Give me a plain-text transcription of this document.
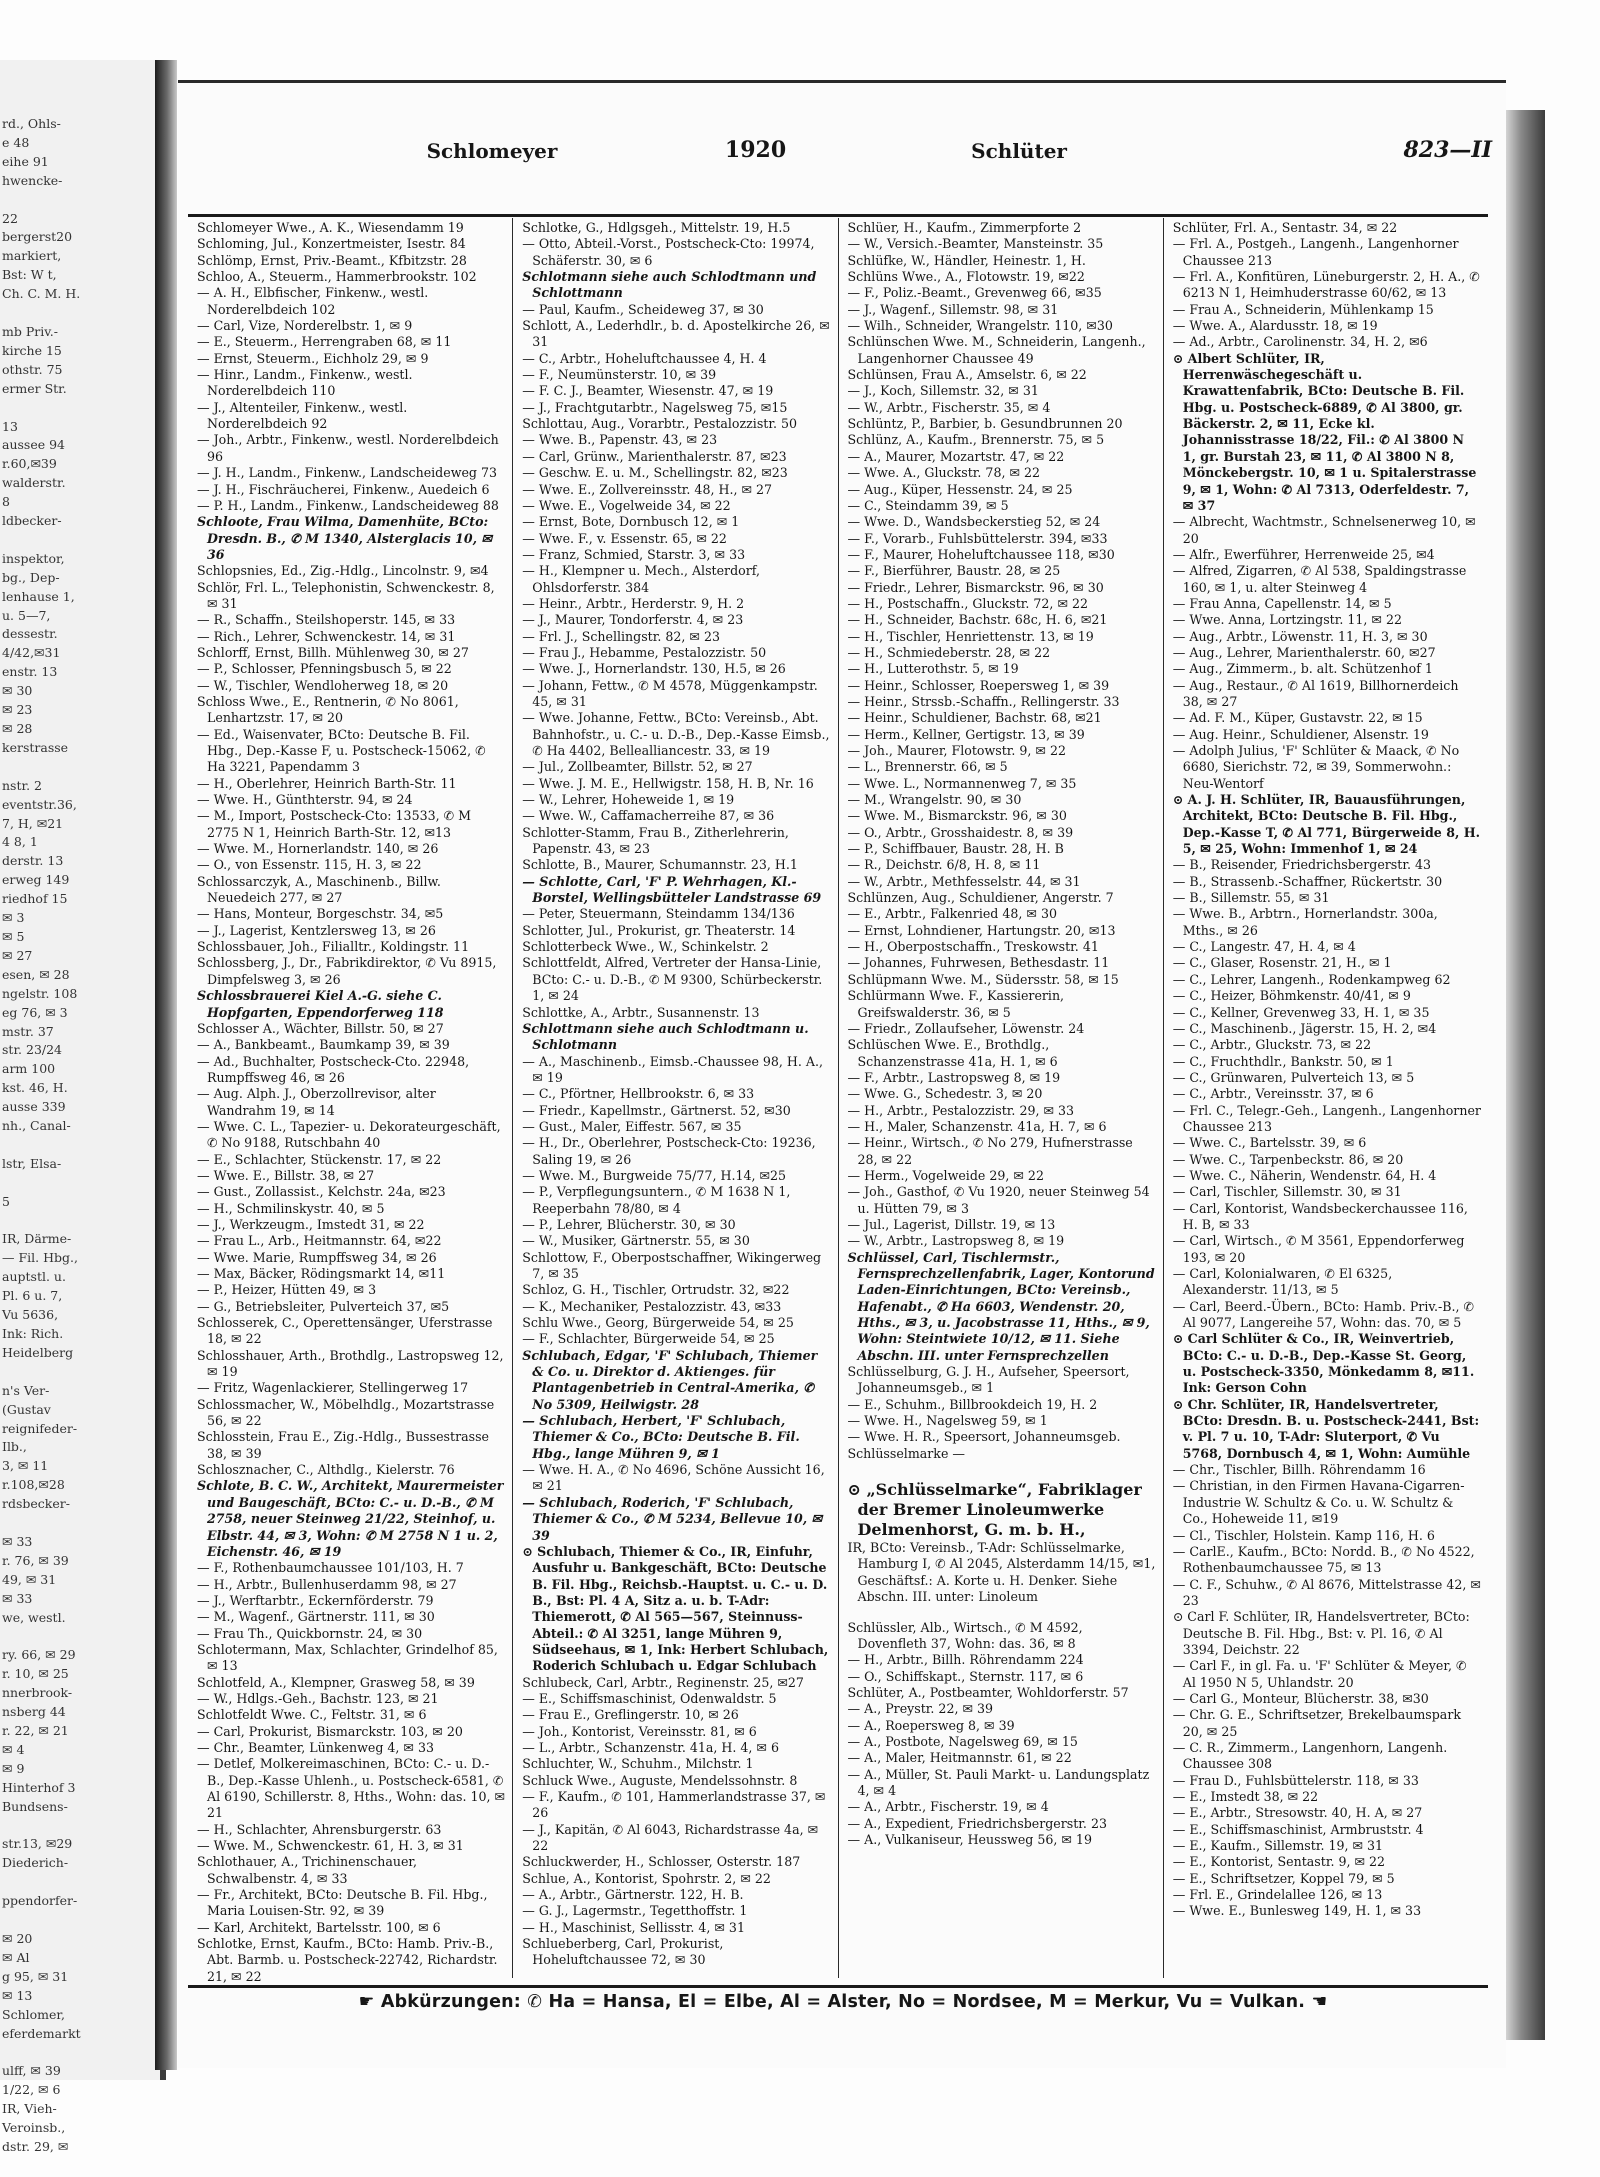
rd., Ohls-
e 48
eihe 91
hwencke-

22
bergerst20
markiert,
Bst: W t,
Ch. C. M. H.

mb Priv.-
kirche 15
othstr. 75
ermer Str.

13
aussee 94
r.60,✉39
walderstr.
8
ldbecker-

inspektor,
bg., Dep-
lenhause 1,
u. 5—7,
dessestr.
4/42,✉31
enstr. 13
✉ 30
✉ 23
✉ 28
kerstrasse

nstr. 2
eventstr.36,
7, H, ✉21
4 8, 1
derstr. 13
erweg 149
riedhof 15
✉ 3
✉ 5
✉ 27
esen, ✉ 28
ngelstr. 108
eg 76, ✉ 3
mstr. 37
str. 23/24
arm 100
kst. 46, H.
ausse 339
nh., Canal-

lstr, Elsa-

5

IR, Därme-
— Fil. Hbg.,
auptstl. u.
Pl. 6 u. 7,
Vu 5636,
Ink: Rich.
Heidelberg

n's Ver-
(Gustav
reignifeder-
Ilb.,
3, ✉ 11
r.108,✉28
rdsbecker-

✉ 33
r. 76, ✉ 39
49, ✉ 31
✉ 33
we, westl.

ry. 66, ✉ 29
r. 10, ✉ 25
nnerbrook-
nsberg 44
r. 22, ✉ 21
✉ 4
✉ 9
Hinterhof 3
Bundsens-

str.13, ✉29
Diederich-

ppendorfer-

✉ 20
✉ Al
g 95, ✉ 31
✉ 13
Schlomer,
eferdemarkt

ulff, ✉ 39
1/22, ✉ 6
IR, Vieh-
Veroinsb.,
dstr. 29, ✉
Schlomeyer	1920	Schlüter	823—II

Schlomeyer Wwe., A. K., Wiesendamm 19

Schloming, Jul., Konzertmeister, Isestr. 84

Schlömp, Ernst, Priv.-Beamt., Kfbitzstr. 28

Schloo, A., Steuerm., Hammerbrookstr. 102

— A. H., Elbfischer, Finkenw., westl. Norderelbdeich 102

— Carl, Vize, Norderelbstr. 1, ✉ 9

— E., Steuerm., Herrengraben 68, ✉ 11

— Ernst, Steuerm., Eichholz 29, ✉ 9

— Hinr., Landm., Finkenw., westl. Norderelbdeich 110

— J., Altenteiler, Finkenw., westl. Norderelbdeich 92

— Joh., Arbtr., Finkenw., westl. Norderelbdeich 96

— J. H., Landm., Finkenw., Landscheideweg 73

— J. H., Fischräucherei, Finkenw., Auedeich 6

— P. H., Landm., Finkenw., Landscheideweg 88

Schloote, Frau Wilma, Damenhüte, BCto: Dresdn. B., ✆ M 1340, Alsterglacis 10, ✉ 36

Schlopsnies, Ed., Zig.-Hdlg., Lincolnstr. 9, ✉4

Schlör, Frl. L., Telephonistin, Schwenckestr. 8, ✉ 31

— R., Schaffn., Steilshoperstr. 145, ✉ 33

— Rich., Lehrer, Schwenckestr. 14, ✉ 31

Schlorff, Ernst, Billh. Mühlenweg 30, ✉ 27

— P., Schlosser, Pfenningsbusch 5, ✉ 22

— W., Tischler, Wendloherweg 18, ✉ 20

Schloss Wwe., E., Rentnerin, ✆ No 8061, Lenhartzstr. 17, ✉ 20

— Ed., Waisenvater, BCto: Deutsche B. Fil. Hbg., Dep.-Kasse F, u. Postscheck-15062, ✆ Ha 3221, Papendamm 3

— H., Oberlehrer, Heinrich Barth-Str. 11

— Wwe. H., Günthterstr. 94, ✉ 24

— M., Import, Postscheck-Cto: 13533, ✆ M 2775 N 1, Heinrich Barth-Str. 12, ✉13

— Wwe. M., Hornerlandstr. 140, ✉ 26

— O., von Essenstr. 115, H. 3, ✉ 22

Schlossarczyk, A., Maschinenb., Billw. Neuedeich 277, ✉ 27

— Hans, Monteur, Borgeschstr. 34, ✉5

— J., Lagerist, Kentzlersweg 13, ✉ 26

Schlossbauer, Joh., Filialltr., Koldingstr. 11

Schlossberg, J., Dr., Fabrikdirektor, ✆ Vu 8915, Dimpfelsweg 3, ✉ 26

Schlossbrauerei Kiel A.-G. siehe C. Hopfgarten, Eppendorferweg 118

Schlosser A., Wächter, Billstr. 50, ✉ 27

— A., Bankbeamt., Baumkamp 39, ✉ 39

— Ad., Buchhalter, Postscheck-Cto. 22948, Rumpffsweg 46, ✉ 26

— Aug. Alph. J., Oberzollrevisor, alter Wandrahm 19, ✉ 14

— Wwe. C. L., Tapezier- u. Dekorateurgeschäft, ✆ No 9188, Rutschbahn 40

— E., Schlachter, Stückenstr. 17, ✉ 22

— Wwe. E., Billstr. 38, ✉ 27

— Gust., Zollassist., Kelchstr. 24a, ✉23

— H., Schmilinskystr. 40, ✉ 5

— J., Werkzeugm., Imstedt 31, ✉ 22

— Frau L., Arb., Heitmannstr. 64, ✉22

— Wwe. Marie, Rumpffsweg 34, ✉ 26

— Max, Bäcker, Rödingsmarkt 14, ✉11

— P., Heizer, Hütten 49, ✉ 3

— G., Betriebsleiter, Pulverteich 37, ✉5

Schlosserek, C., Operettensänger, Uferstrasse 18, ✉ 22

Schlosshauer, Arth., Brothdlg., Lastropsweg 12, ✉ 19

— Fritz, Wagenlackierer, Stellingerweg 17

Schlossmacher, W., Möbelhdlg., Mozartstrasse 56, ✉ 22

Schlosstein, Frau E., Zig.-Hdlg., Bussestrasse 38, ✉ 39

Schlosznacher, C., Althdlg., Kielerstr. 76

Schlote, B. C. W., Architekt, Maurermeister und Baugeschäft, BCto: C.- u. D.-B., ✆ M 2758, neuer Steinweg 21/22, Steinhof, u. Elbstr. 44, ✉ 3, Wohn: ✆ M 2758 N 1 u. 2, Eichenstr. 46, ✉ 19

— F., Rothenbaumchaussee 101/103, H. 7

— H., Arbtr., Bullenhuserdamm 98, ✉ 27

— J., Werftarbtr., Eckernförderstr. 79

— M., Wagenf., Gärtnerstr. 111, ✉ 30

— Frau Th., Quickbornstr. 24, ✉ 30

Schlotermann, Max, Schlachter, Grindelhof 85, ✉ 13

Schlotfeld, A., Klempner, Grasweg 58, ✉ 39

— W., Hdlgs.-Geh., Bachstr. 123, ✉ 21

Schlotfeldt Wwe. C., Feltstr. 31, ✉ 6

— Carl, Prokurist, Bismarckstr. 103, ✉ 20

— Chr., Beamter, Lünkenweg 4, ✉ 33

— Detlef, Molkereimaschinen, BCto: C.- u. D.-B., Dep.-Kasse Uhlenh., u. Postscheck-6581, ✆ Al 6190, Schillerstr. 8, Hths., Wohn: das. 10, ✉ 21

— H., Schlachter, Ahrensburgerstr. 63

— Wwe. M., Schwenckestr. 61, H. 3, ✉ 31

Schlothauer, A., Trichinenschauer, Schwalbenstr. 4, ✉ 33

— Fr., Architekt, BCto: Deutsche B. Fil. Hbg., Maria Louisen-Str. 92, ✉ 39

— Karl, Architekt, Bartelsstr. 100, ✉ 6

Schlotke, Ernst, Kaufm., BCto: Hamb. Priv.-B., Abt. Barmb. u. Postscheck-22742, Richardstr. 21, ✉ 22

Schlotke, G., Hdlgsgeh., Mittelstr. 19, H.5

— Otto, Abteil.-Vorst., Postscheck-Cto: 19974, Schäferstr. 30, ✉ 6

Schlotmann siehe auch Schlodtmann und Schlottmann

— Paul, Kaufm., Scheideweg 37, ✉ 30

Schlott, A., Lederhdlr., b. d. Apostelkirche 26, ✉ 31

— C., Arbtr., Hoheluftchaussee 4, H. 4

— F., Neumünsterstr. 10, ✉ 39

— F. C. J., Beamter, Wiesenstr. 47, ✉ 19

— J., Frachtgutarbtr., Nagelsweg 75, ✉15

Schlottau, Aug., Vorarbtr., Pestalozzistr. 50

— Wwe. B., Papenstr. 43, ✉ 23

— Carl, Grünw., Marienthalerstr. 87, ✉23

— Geschw. E. u. M., Schellingstr. 82, ✉23

— Wwe. E., Zollvereinsstr. 48, H., ✉ 27

— Wwe. E., Vogelweide 34, ✉ 22

— Ernst, Bote, Dornbusch 12, ✉ 1

— Wwe. F., v. Essenstr. 65, ✉ 22

— Franz, Schmied, Starstr. 3, ✉ 33

— H., Klempner u. Mech., Alsterdorf, Ohlsdorferstr. 384

— Heinr., Arbtr., Herderstr. 9, H. 2

— J., Maurer, Tondorferstr. 4, ✉ 23

— Frl. J., Schellingstr. 82, ✉ 23

— Frau J., Hebamme, Pestalozzistr. 50

— Wwe. J., Hornerlandstr. 130, H.5, ✉ 26

— Johann, Fettw., ✆ M 4578, Müggenkampstr. 45, ✉ 31

— Wwe. Johanne, Fettw., BCto: Vereinsb., Abt. Bahnhofstr., u. C.- u. D.-B., Dep.-Kasse Eimsb., ✆ Ha 4402, Bellealliancestr. 33, ✉ 19

— Jul., Zollbeamter, Billstr. 52, ✉ 27

— Wwe. J. M. E., Hellwigstr. 158, H. B, Nr. 16

— W., Lehrer, Hoheweide 1, ✉ 19

— Wwe. W., Caffamacherreihe 87, ✉ 36

Schlotter-Stamm, Frau B., Zitherlehrerin, Papenstr. 43, ✉ 23

Schlotte, B., Maurer, Schumannstr. 23, H.1

— Schlotte, Carl, 'F' P. Wehrhagen, Kl.-Borstel, Wellingsbütteler Landstrasse 69

— Peter, Steuermann, Steindamm 134/136

Schlotter, Jul., Prokurist, gr. Theaterstr. 14

Schlotterbeck Wwe., W., Schinkelstr. 2

Schlottfeldt, Alfred, Vertreter der Hansa-Linie, BCto: C.- u. D.-B., ✆ M 9300, Schürbeckerstr. 1, ✉ 24

Schlottke, A., Arbtr., Susannenstr. 13

Schlottmann siehe auch Schlodtmann u. Schlotmann

— A., Maschinenb., Eimsb.-Chaussee 98, H. A., ✉ 19

— C., Pförtner, Hellbrookstr. 6, ✉ 33

— Friedr., Kapellmstr., Gärtnerst. 52, ✉30

— Gust., Maler, Eiffestr. 567, ✉ 35

— H., Dr., Oberlehrer, Postscheck-Cto: 19236, Saling 19, ✉ 26

— Wwe. M., Burgweide 75/77, H.14, ✉25

— P., Verpflegungsuntern., ✆ M 1638 N 1, Reeperbahn 78/80, ✉ 4

— P., Lehrer, Blücherstr. 30, ✉ 30

— W., Musiker, Gärtnerstr. 55, ✉ 30

Schlottow, F., Oberpostschaffner, Wikingerweg 7, ✉ 35

Schloz, G. H., Tischler, Ortrudstr. 32, ✉22

— K., Mechaniker, Pestalozzistr. 43, ✉33

Schlu Wwe., Georg, Bürgerweide 54, ✉ 25

— F., Schlachter, Bürgerweide 54, ✉ 25

Schlubach, Edgar, 'F' Schlubach, Thiemer & Co. u. Direktor d. Aktienges. für Plantagenbetrieb in Central-Amerika, ✆ No 5309, Heilwigstr. 28

— Schlubach, Herbert, 'F' Schlubach, Thiemer & Co., BCto: Deutsche B. Fil. Hbg., lange Mühren 9, ✉ 1

— Wwe. H. A., ✆ No 4696, Schöne Aussicht 16, ✉ 21

— Schlubach, Roderich, 'F' Schlubach, Thiemer & Co., ✆ M 5234, Bellevue 10, ✉ 39

⊙ Schlubach, Thiemer & Co., IR, Einfuhr, Ausfuhr u. Bankgeschäft, BCto: Deutsche B. Fil. Hbg., Reichsb.-Hauptst. u. C.- u. D. B., Bst: Pl. 4 A, Sitz a. u. b. T-Adr: Thiemerott, ✆ Al 565—567, Steinnuss-Abteil.: ✆ Al 3251, lange Mühren 9, Südseehaus, ✉ 1, Ink: Herbert Schlubach, Roderich Schlubach u. Edgar Schlubach

Schlubeck, Carl, Arbtr., Reginenstr. 25, ✉27

— E., Schiffsmaschinist, Odenwaldstr. 5

— Frau E., Greflingerstr. 10, ✉ 26

— Joh., Kontorist, Vereinsstr. 81, ✉ 6

— L., Arbtr., Schanzenstr. 41a, H. 4, ✉ 6

Schluchter, W., Schuhm., Milchstr. 1

Schluck Wwe., Auguste, Mendelssohnstr. 8

— F., Kaufm., ✆ 101, Hammerlandstrasse 37, ✉ 26

— J., Kapitän, ✆ Al 6043, Richardstrasse 4a, ✉ 22

Schluckwerder, H., Schlosser, Osterstr. 187

Schlue, A., Kontorist, Spohrstr. 2, ✉ 22

— A., Arbtr., Gärtnerstr. 122, H. B.

— G. J., Lagermstr., Tegetthoffstr. 1

— H., Maschinist, Sellisstr. 4, ✉ 31

Schlueberberg, Carl, Prokurist, Hoheluftchaussee 72, ✉ 30

Schlüer, H., Kaufm., Zimmerpforte 2

— W., Versich.-Beamter, Mansteinstr. 35

Schlüfke, W., Händler, Heinestr. 1, H.

Schlüns Wwe., A., Flotowstr. 19, ✉22

— F., Poliz.-Beamt., Grevenweg 66, ✉35

— J., Wagenf., Sillemstr. 98, ✉ 31

— Wilh., Schneider, Wrangelstr. 110, ✉30

Schlünschen Wwe. M., Schneiderin, Langenh., Langenhorner Chaussee 49

Schlünsen, Frau A., Amselstr. 6, ✉ 22

— J., Koch, Sillemstr. 32, ✉ 31

— W., Arbtr., Fischerstr. 35, ✉ 4

Schlüntz, P., Barbier, b. Gesundbrunnen 20

Schlünz, A., Kaufm., Brennerstr. 75, ✉ 5

— A., Maurer, Mozartstr. 47, ✉ 22

— Wwe. A., Gluckstr. 78, ✉ 22

— Aug., Küper, Hessenstr. 24, ✉ 25

— C., Steindamm 39, ✉ 5

— Wwe. D., Wandsbeckerstieg 52, ✉ 24

— F., Vorarb., Fuhlsbüttelerstr. 394, ✉33

— F., Maurer, Hoheluftchaussee 118, ✉30

— F., Bierführer, Baustr. 28, ✉ 25

— Friedr., Lehrer, Bismarckstr. 96, ✉ 30

— H., Postschaffn., Gluckstr. 72, ✉ 22

— H., Schneider, Bachstr. 68c, H. 6, ✉21

— H., Tischler, Henriettenstr. 13, ✉ 19

— H., Schmiedeberstr. 28, ✉ 22

— H., Lutterothstr. 5, ✉ 19

— Heinr., Schlosser, Roepersweg 1, ✉ 39

— Heinr., Strssb.-Schaffn., Rellingerstr. 33

— Heinr., Schuldiener, Bachstr. 68, ✉21

— Herm., Kellner, Gertigstr. 13, ✉ 39

— Joh., Maurer, Flotowstr. 9, ✉ 22

— L., Brennerstr. 66, ✉ 5

— Wwe. L., Normannenweg 7, ✉ 35

— M., Wrangelstr. 90, ✉ 30

— Wwe. M., Bismarckstr. 96, ✉ 30

— O., Arbtr., Grosshaidestr. 8, ✉ 39

— P., Schiffbauer, Baustr. 28, H. B

— R., Deichstr. 6/8, H. 8, ✉ 11

— W., Arbtr., Methfesselstr. 44, ✉ 31

Schlünzen, Aug., Schuldiener, Angerstr. 7

— E., Arbtr., Falkenried 48, ✉ 30

— Ernst, Lohndiener, Hartungstr. 20, ✉13

— H., Oberpostschaffn., Treskowstr. 41

— Johannes, Fuhrwesen, Bethesdastr. 11

Schlüpmann Wwe. M., Südersstr. 58, ✉ 15

Schlürmann Wwe. F., Kassiererin, Greifswalderstr. 36, ✉ 5

— Friedr., Zollaufseher, Löwenstr. 24

Schlüschen Wwe. E., Brothdlg., Schanzenstrasse 41a, H. 1, ✉ 6

— F., Arbtr., Lastropsweg 8, ✉ 19

— Wwe. G., Schedestr. 3, ✉ 20

— H., Arbtr., Pestalozzistr. 29, ✉ 33

— H., Maler, Schanzenstr. 41a, H. 7, ✉ 6

— Heinr., Wirtsch., ✆ No 279, Hufnerstrasse 28, ✉ 22

— Herm., Vogelweide 29, ✉ 22

— Joh., Gasthof, ✆ Vu 1920, neuer Steinweg 54 u. Hütten 79, ✉ 3

— Jul., Lagerist, Dillstr. 19, ✉ 13

— W., Arbtr., Lastropsweg 8, ✉ 19

Schlüssel, Carl, Tischlermstr., Fernsprechzellenfabrik, Lager, Kontorund Laden-Einrichtungen, BCto: Vereinsb., Hafenabt., ✆ Ha 6603, Wendenstr. 20, Hths., ✉ 3, u. Jacobstrasse 11, Hths., ✉ 9, Wohn: Steintwiete 10/12, ✉ 11. Siehe Abschn. III. unter Fernsprechzellen

Schlüsselburg, G. J. H., Aufseher, Speersort, Johanneumsgeb., ✉ 1

— E., Schuhm., Billbrookdeich 19, H. 2

— Wwe. H., Nagelsweg 59, ✉ 1

— Wwe. H. R., Speersort, Johanneumsgeb.

Schlüsselmarke —

⊙ „Schlüsselmarke“, Fabriklager der Bremer Linoleumwerke Delmenhorst, G. m. b. H.,

IR, BCto: Vereinsb., T-Adr: Schlüsselmarke, Hamburg I, ✆ Al 2045, Alsterdamm 14/15, ✉1, Geschäftsf.: A. Korte u. H. Denker. Siehe Abschn. III. unter: Linoleum

Schlüssler, Alb., Wirtsch., ✆ M 4592, Dovenfleth 37, Wohn: das. 36, ✉ 8

— H., Arbtr., Billh. Röhrendamm 224

— O., Schiffskapt., Sternstr. 117, ✉ 6

Schlüter, A., Postbeamter, Wohldorferstr. 57

— A., Preystr. 22, ✉ 39

— A., Roepersweg 8, ✉ 39

— A., Postbote, Nagelsweg 69, ✉ 15

— A., Maler, Heitmannstr. 61, ✉ 22

— A., Müller, St. Pauli Markt- u. Landungsplatz 4, ✉ 4

— A., Arbtr., Fischerstr. 19, ✉ 4

— A., Expedient, Friedrichsbergerstr. 23

— A., Vulkaniseur, Heussweg 56, ✉ 19

Schlüter, Frl. A., Sentastr. 34, ✉ 22

— Frl. A., Postgeh., Langenh., Langenhorner Chaussee 213

— Frl. A., Konfitüren, Lüneburgerstr. 2, H. A., ✆ 6213 N 1, Heimhuderstrasse 60/62, ✉ 13

— Frau A., Schneiderin, Mühlenkamp 15

— Wwe. A., Alardusstr. 18, ✉ 19

— Ad., Arbtr., Carolinenstr. 34, H. 2, ✉6

⊙ Albert Schlüter, IR, Herrenwäschegeschäft u. Krawattenfabrik, BCto: Deutsche B. Fil. Hbg. u. Postscheck-6889, ✆ Al 3800, gr. Bäckerstr. 2, ✉ 11, Ecke kl. Johannisstrasse 18/22, Fil.: ✆ Al 3800 N 1, gr. Burstah 23, ✉ 11, ✆ Al 3800 N 8, Mönckebergstr. 10, ✉ 1 u. Spitalerstrasse 9, ✉ 1, Wohn: ✆ Al 7313, Oderfeldestr. 7, ✉ 37

— Albrecht, Wachtmstr., Schnelsenerweg 10, ✉ 20

— Alfr., Ewerführer, Herrenweide 25, ✉4

— Alfred, Zigarren, ✆ Al 538, Spaldingstrasse 160, ✉ 1, u. alter Steinweg 4

— Frau Anna, Capellenstr. 14, ✉ 5

— Wwe. Anna, Lortzingstr. 11, ✉ 22

— Aug., Arbtr., Löwenstr. 11, H. 3, ✉ 30

— Aug., Lehrer, Marienthalerstr. 60, ✉27

— Aug., Zimmerm., b. alt. Schützenhof 1

— Aug., Restaur., ✆ Al 1619, Billhornerdeich 38, ✉ 27

— Ad. F. M., Küper, Gustavstr. 22, ✉ 15

— Aug. Heinr., Schuldiener, Alsenstr. 19

— Adolph Julius, 'F' Schlüter & Maack, ✆ No 6680, Sierichstr. 72, ✉ 39, Sommerwohn.: Neu-Wentorf

⊙ A. J. H. Schlüter, IR, Bauausführungen, Architekt, BCto: Deutsche B. Fil. Hbg., Dep.-Kasse T, ✆ Al 771, Bürgerweide 8, H. 5, ✉ 25, Wohn: Immenhof 1, ✉ 24

— B., Reisender, Friedrichsbergerstr. 43

— B., Strassenb.-Schaffner, Rückertstr. 30

— B., Sillemstr. 55, ✉ 31

— Wwe. B., Arbtrn., Hornerlandstr. 300a, Mths., ✉ 26

— C., Langestr. 47, H. 4, ✉ 4

— C., Glaser, Rosenstr. 21, H., ✉ 1

— C., Lehrer, Langenh., Rodenkampweg 62

— C., Heizer, Böhmkenstr. 40/41, ✉ 9

— C., Kellner, Grevenweg 33, H. 1, ✉ 35

— C., Maschinenb., Jägerstr. 15, H. 2, ✉4

— C., Arbtr., Gluckstr. 73, ✉ 22

— C., Fruchthdlr., Bankstr. 50, ✉ 1

— C., Grünwaren, Pulverteich 13, ✉ 5

— C., Arbtr., Vereinsstr. 37, ✉ 6

— Frl. C., Telegr.-Geh., Langenh., Langenhorner Chaussee 213

— Wwe. C., Bartelsstr. 39, ✉ 6

— Wwe. C., Tarpenbeckstr. 86, ✉ 20

— Wwe. C., Näherin, Wendenstr. 64, H. 4

— Carl, Tischler, Sillemstr. 30, ✉ 31

— Carl, Kontorist, Wandsbeckerchaussee 116, H. B, ✉ 33

— Carl, Wirtsch., ✆ M 3561, Eppendorferweg 193, ✉ 20

— Carl, Kolonialwaren, ✆ El 6325, Alexanderstr. 11/13, ✉ 5

— Carl, Beerd.-Übern., BCto: Hamb. Priv.-B., ✆ Al 9077, Langereihe 57, Wohn: das. 70, ✉ 5

⊙ Carl Schlüter & Co., IR, Weinvertrieb, BCto: C.- u. D.-B., Dep.-Kasse St. Georg, u. Postscheck-3350, Mönkedamm 8, ✉11. Ink: Gerson Cohn

⊙ Chr. Schlüter, IR, Handelsvertreter, BCto: Dresdn. B. u. Postscheck-2441, Bst: v. Pl. 7 u. 10, T-Adr: Sluterport, ✆ Vu 5768, Dornbusch 4, ✉ 1, Wohn: Aumühle

— Chr., Tischler, Billh. Röhrendamm 16

— Christian, in den Firmen Havana-Cigarren-Industrie W. Schultz & Co. u. W. Schultz & Co., Hoheweide 11, ✉19

— Cl., Tischler, Holstein. Kamp 116, H. 6

— CarlE., Kaufm., BCto: Nordd. B., ✆ No 4522, Rothenbaumchaussee 75, ✉ 13

— C. F., Schuhw., ✆ Al 8676, Mittelstrasse 42, ✉ 23

⊙ Carl F. Schlüter, IR, Handelsvertreter, BCto: Deutsche B. Fil. Hbg., Bst: v. Pl. 16, ✆ Al 3394, Deichstr. 22

— Carl F., in gl. Fa. u. 'F' Schlüter & Meyer, ✆ Al 1950 N 5, Uhlandstr. 20

— Carl G., Monteur, Blücherstr. 38, ✉30

— Chr. G. E., Schriftsetzer, Brekelbaumspark 20, ✉ 25

— C. R., Zimmerm., Langenhorn, Langenh. Chaussee 308

— Frau D., Fuhlsbüttelerstr. 118, ✉ 33

— E., Imstedt 38, ✉ 22

— E., Arbtr., Stresowstr. 40, H. A, ✉ 27

— E., Schiffsmaschinist, Armbruststr. 4

— E., Kaufm., Sillemstr. 19, ✉ 31

— E., Kontorist, Sentastr. 9, ✉ 22

— E., Schriftsetzer, Koppel 79, ✉ 5

— Frl. E., Grindelallee 126, ✉ 13

— Wwe. E., Bunlesweg 149, H. 1, ✉ 33

☛ Abkürzungen: ✆ Ha = Hansa, El = Elbe, Al = Alster, No = Nordsee, M = Merkur, Vu = Vulkan. ☚
